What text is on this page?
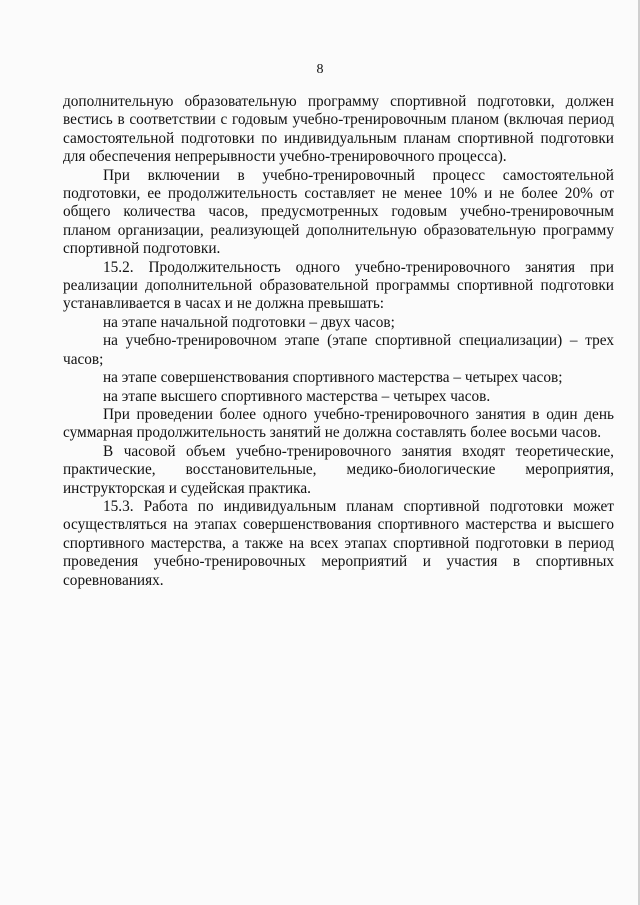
8

дополнительную образовательную программу спортивной подготовки, должен вестись в соответствии с годовым учебно-тренировочным планом (включая период самостоятельной подготовки по индивидуальным планам спортивной подготовки для обеспечения непрерывности учебно-тренировочного процесса).

При включении в учебно-тренировочный процесс самостоятельной подготовки, ее продолжительность составляет не менее 10% и не более 20% от общего количества часов, предусмотренных годовым учебно-тренировочным планом организации, реализующей дополнительную образовательную программу спортивной подготовки.

15.2. Продолжительность одного учебно-тренировочного занятия при реализации дополнительной образовательной программы спортивной подготовки устанавливается в часах и не должна превышать:

на этапе начальной подготовки – двух часов;

на учебно-тренировочном этапе (этапе спортивной специализации) – трех часов;

на этапе совершенствования спортивного мастерства – четырех часов;

на этапе высшего спортивного мастерства – четырех часов.

При проведении более одного учебно-тренировочного занятия в один день суммарная продолжительность занятий не должна составлять более восьми часов.

В часовой объем учебно-тренировочного занятия входят теоретические, практические, восстановительные, медико-биологические мероприятия, инструкторская и судейская практика.

15.3. Работа по индивидуальным планам спортивной подготовки может осуществляться на этапах совершенствования спортивного мастерства и высшего спортивного мастерства, а также на всех этапах спортивной подготовки в период проведения учебно-тренировочных мероприятий и участия в спортивных соревнованиях.
